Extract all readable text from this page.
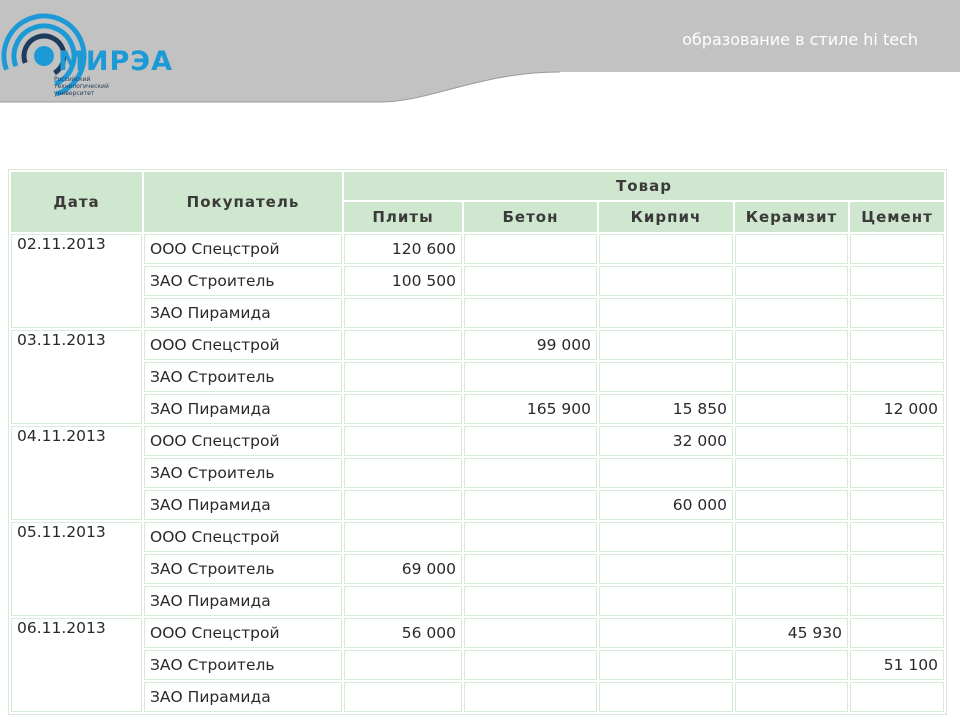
МИРЭА
Российский
технологический
университет
образование в стиле hi tech
Дата	Покупатель	Товар				
		Плиты	Бетон	Кирпич	Керамзит	Цемент
02.11.2013	ООО Спецстрой	120 600				
	ЗАО Строитель	100 500				
	ЗАО Пирамида					
03.11.2013	ООО Спецстрой		99 000			
	ЗАО Строитель					
	ЗАО Пирамида		165 900	15 850		12 000
04.11.2013	ООО Спецстрой			32 000		
	ЗАО Строитель					
	ЗАО Пирамида			60 000		
05.11.2013	ООО Спецстрой					
	ЗАО Строитель	69 000				
	ЗАО Пирамида					
06.11.2013	ООО Спецстрой	56 000			45 930	
	ЗАО Строитель					51 100
	ЗАО Пирамида					
